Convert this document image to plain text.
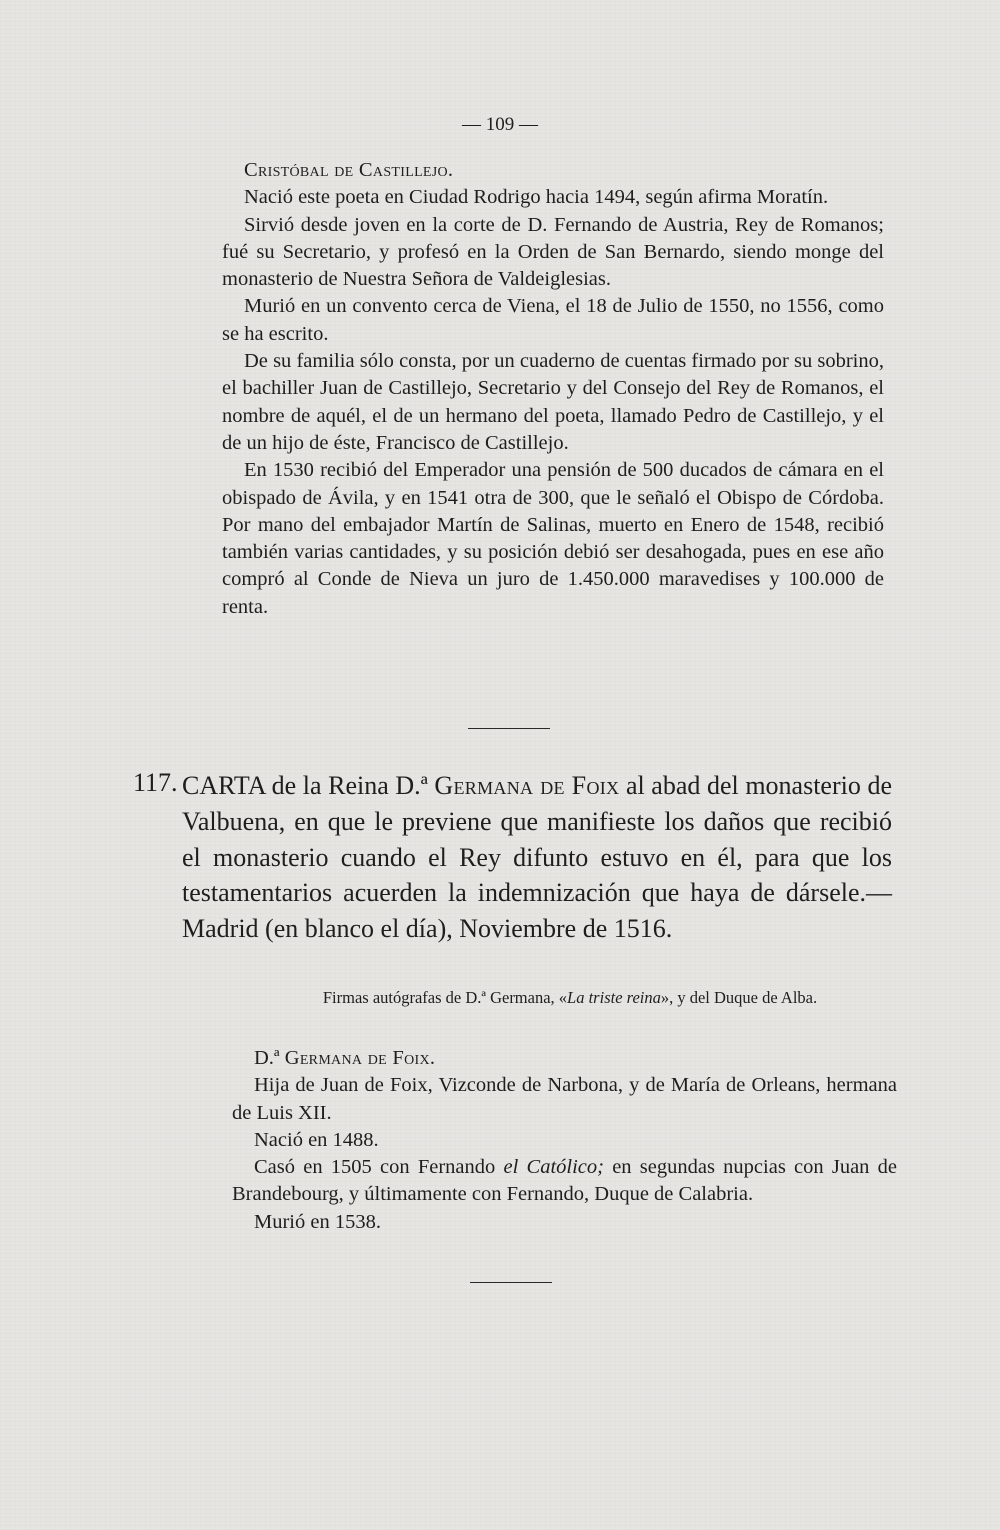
— 109 —

Cristóbal de Castillejo.

Nació este poeta en Ciudad Rodrigo hacia 1494, según afirma Moratín.

Sirvió desde joven en la corte de D. Fernando de Austria, Rey de Romanos; fué su Secretario, y profesó en la Orden de San Bernardo, siendo monge del monasterio de Nuestra Señora de Valdeiglesias.

Murió en un convento cerca de Viena, el 18 de Julio de 1550, no 1556, como se ha escrito.

De su familia sólo consta, por un cuaderno de cuentas firmado por su sobrino, el bachiller Juan de Castillejo, Secretario y del Consejo del Rey de Romanos, el nombre de aquél, el de un hermano del poeta, llamado Pedro de Castillejo, y el de un hijo de éste, Francisco de Castillejo.

En 1530 recibió del Emperador una pensión de 500 ducados de cámara en el obispado de Ávila, y en 1541 otra de 300, que le señaló el Obispo de Córdoba. Por mano del embajador Martín de Salinas, muerto en Enero de 1548, recibió también varias cantidades, y su posición debió ser desahogada, pues en ese año compró al Conde de Nieva un juro de 1.450.000 maravedises y 100.000 de renta.

117. CARTA de la Reina D.ª Germana de Foix al abad del monasterio de Valbuena, en que le previene que manifieste los daños que recibió el monasterio cuando el Rey difunto estuvo en él, para que los testamentarios acuerden la indemnización que haya de dársele.—Madrid (en blanco el día), Noviembre de 1516.
Firmas autógrafas de D.ª Germana, «La triste reina», y del Duque de Alba.

D.ª Germana de Foix.

Hija de Juan de Foix, Vizconde de Narbona, y de María de Orleans, hermana de Luis XII.

Nació en 1488.

Casó en 1505 con Fernando el Católico; en segundas nupcias con Juan de Brandebourg, y últimamente con Fernando, Duque de Calabria.

Murió en 1538.
